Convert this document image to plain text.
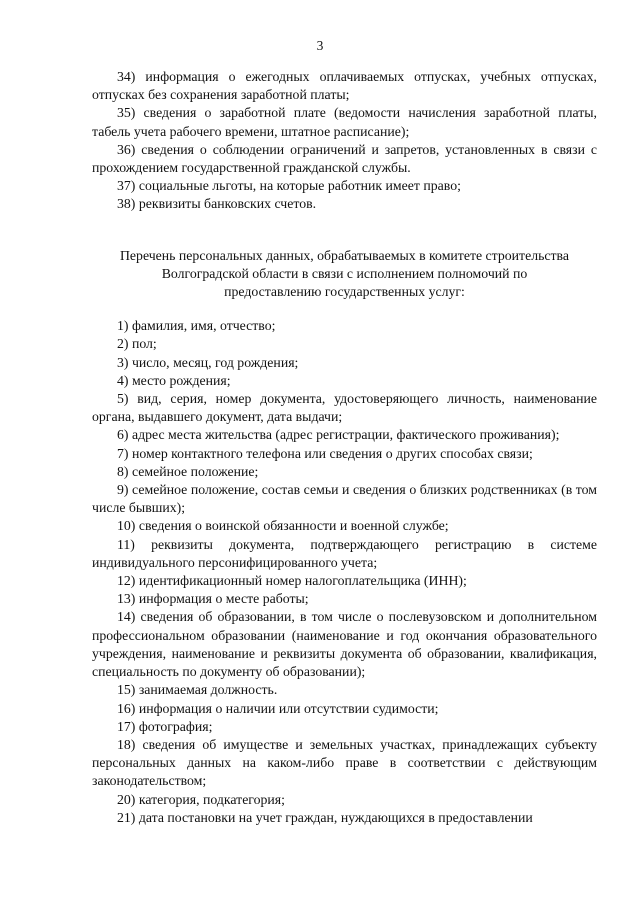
3

34) информация о ежегодных оплачиваемых отпусках, учебных отпусках, отпусках без сохранения заработной платы;

35) сведения о заработной плате (ведомости начисления заработной платы, табель учета рабочего времени, штатное расписание);

36) сведения о соблюдении ограничений и запретов, установленных в связи с прохождением государственной гражданской службы.

37) социальные льготы, на которые работник имеет право;

38) реквизиты банковских счетов.

Перечень персональных данных, обрабатываемых в комитете строительства
Волгоградской области в связи с исполнением полномочий по
предоставлению государственных услуг:

1) фамилия, имя, отчество;

2) пол;

3) число, месяц, год рождения;

4) место рождения;

5) вид, серия, номер документа, удостоверяющего личность, наименование органа, выдавшего документ, дата выдачи;

6) адрес места жительства (адрес регистрации, фактического проживания);

7) номер контактного телефона или сведения о других способах связи;

8) семейное положение;

9) семейное положение, состав семьи и сведения о близких родственниках (в том числе бывших);

10) сведения о воинской обязанности и военной службе;

11) реквизиты документа, подтверждающего регистрацию в системе индивидуального персонифицированного учета;

12) идентификационный номер налогоплательщика (ИНН);

13) информация о месте работы;

14) сведения об образовании, в том числе о послевузовском и дополнительном профессиональном образовании (наименование и год окончания образовательного учреждения, наименование и реквизиты документа об образовании, квалификация, специальность по документу об образовании);

15) занимаемая должность.

16) информация о наличии или отсутствии судимости;

17) фотография;

18) сведения об имуществе и земельных участках, принадлежащих субъекту персональных данных на каком-либо праве в соответствии с действующим законодательством;

20) категория, подкатегория;

21) дата постановки на учет граждан, нуждающихся в предоставлении
